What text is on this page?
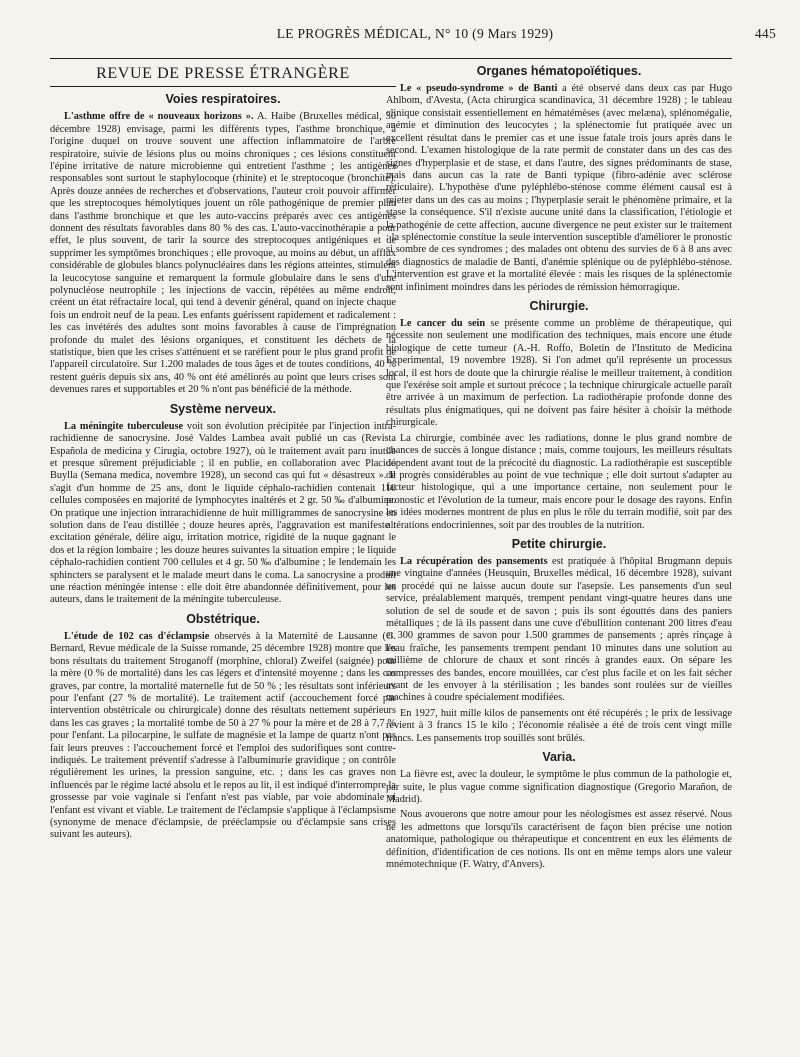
LE PROGRÈS MÉDICAL, N° 10 (9 Mars 1929)	445
REVUE DE PRESSE ÉTRANGÈRE
Voies respiratoires.

L'asthme offre de « nouveaux horizons ». A. Haibe (Bruxelles médical, 30 décembre 1928) envisage, parmi les différents types, l'asthme bronchique, à l'origine duquel on trouve souvent une affection inflammatoire de l'arbre respiratoire, suivie de lésions plus ou moins chroniques ; ces lésions constituent l'épine irritative de nature microbienne qui entretient l'asthme ; les antigènes responsables sont surtout le staphylocoque (rhinite) et le streptocoque (bronchite). Après douze années de recherches et d'observations, l'auteur croit pouvoir affirmer que les streptocoques hémolytiques jouent un rôle pathogénique de premier plan dans l'asthme bronchique et que les auto-vaccins préparés avec ces antigènes donnent des résultats favorables dans 80 % des cas. L'auto-vaccinothérapie a pour effet, le plus souvent, de tarir la source des streptocoques antigéniques et de supprimer les symptômes bronchiques ; elle provoque, au moins au début, un afflux considérable de globules blancs polynucléaires dans les régions atteintes, stimulent la leucocytose sanguine et remarquent la formule globulaire dans le sens d'une polynucléose neutrophile ; les injections de vaccin, répétées au même endroit, créent un état réfractaire local, qui tend à devenir général, quand on injecte chaque fois un endroit neuf de la peau. Les enfants guérissent rapidement et radicalement : les cas invétérés des adultes sont moins favorables à cause de l'imprégnation profonde du malet des lésions organiques, et constituent les déchets de la statistique, bien que les crises s'atténuent et se raréfient pour le plus grand profit de l'appareil circulatoire. Sur 1.200 malades de tous âges et de toutes conditions, 40 % restent guéris depuis six ans, 40 % ont été améliorés au point que leurs crises sont devenues rares et supportables et 20 % n'ont pas bénéficié de la méthode.

Système nerveux.

La méningite tuberculeuse voit son évolution précipitée par l'injection intra-rachidienne de sanocrysine. José Valdes Lambea avait publié un cas (Revista Española de medicina y Cirugia, octobre 1927), où le traitement avait paru inutile et presque sûrement préjudiciable ; il en publie, en collaboration avec Placido Buylla (Semana medica, novembre 1928), un second cas qui fut « désastreux ». Il s'agit d'un homme de 25 ans, dont le liquide céphalo-rachidien contenait 110 cellules composées en majorité de lymphocytes inaltérés et 2 gr. 50 ‰ d'albumine. On pratique une injection intrarachidienne de huit milligrammes de sanocrysine en solution dans de l'eau distillée ; douze heures après, l'aggravation est manifeste : excitation générale, délire aigu, irritation motrice, rigidité de la nuque gagnant le dos et la région lombaire ; les douze heures suivantes la situation empire ; le liquide céphalo-rachidien contient 700 cellules et 4 gr. 50 ‰ d'albumine ; le lendemain les sphincters se paralysent et le malade meurt dans le coma. La sanocrysine a produit une réaction méningée intense : elle doit être abandonnée définitivement, pour les auteurs, dans le traitement de la méningite tuberculeuse.

Obstétrique.

L'étude de 102 cas d'éclampsie observés à la Maternité de Lausanne (G. Bernard, Revue médicale de la Suisse romande, 25 décembre 1928) montre que les bons résultats du traitement Stroganoff (morphine, chloral) Zweifel (saignée) pour la mère (0 % de mortalité) dans les cas légers et d'intensité moyenne ; dans les cas graves, par contre, la mortalité maternelle fut de 50 % ; les résultats sont inférieurs pour l'enfant (27 % de mortalité). Le traitement actif (accouchement forcé par intervention obstétricale ou chirurgicale) donne des résultats nettement supérieurs dans les cas graves ; la mortalité tombe de 50 à 27 % pour la mère et de 28 à 7,7 % pour l'enfant. La pilocarpine, le sulfate de magnésie et la lampe de quartz n'ont pas fait leurs preuves : l'accouchement forcé et l'emploi des sudorifiques sont contre-indiqués. Le traitement préventif s'adresse à l'albuminurie gravidique ; on contrôle régulièrement les urines, la pression sanguine, etc. ; dans les cas graves non influencés par le régime lacté absolu et le repos au lit, il est indiqué d'interrompre la grossesse par voie vaginale si l'enfant n'est pas viable, par voie abdominale si l'enfant est vivant et viable. Le traitement de l'éclampsie s'applique à l'éclampsisme (synonyme de menace d'éclampsie, de prééclampsie ou d'éclampsie sans crises suivant les auteurs).

Organes hématopoïétiques.

Le « pseudo-syndrome » de Banti a été observé dans deux cas par Hugo Ahlbom, d'Avesta, (Acta chirurgica scandinavica, 31 décembre 1928) ; le tableau clinique consistait essentiellement en hématémèses (avec melæna), splénomégalie, anémie et diminution des leucocytes ; la splénectomie fut pratiquée avec un excellent résultat dans le premier cas et une issue fatale trois jours après dans le second. L'examen histologique de la rate permit de constater dans un des cas des signes d'hyperplasie et de stase, et dans l'autre, des signes prédominants de stase, mais dans aucun cas la rate de Banti typique (fibro-adénie avec sclérose réticulaire). L'hypothèse d'une pyléphlébo-sténose comme élément causal est à rejeter dans un des cas au moins ; l'hyperplasie serait le phénomène primaire, et la stase la conséquence. S'il n'existe aucune unité dans la classification, l'étiologie et la pathogénie de cette affection, aucune divergence ne peut exister sur le traitement : la splénectomie constitue la seule intervention susceptible d'améliorer le pronostic si sombre de ces syndromes ; des malades ont obtenu des survies de 6 à 8 ans avec des diagnostics de maladie de Banti, d'anémie splénique ou de pyléphlébo-sténose. L'intervention est grave et la mortalité élevée : mais les risques de la splénectomie sont infiniment moindres dans les périodes de rémission hémorragique.

Chirurgie.

Le cancer du sein se présente comme un problème de thérapeutique, qui nécessite non seulement une modification des techniques, mais encore une étude biologique de cette tumeur (A.-H. Roffo, Boletin de l'Instituto de Medicina Experimental, 19 novembre 1928). Si l'on admet qu'il représente un processus local, il est hors de doute que la chirurgie réalise le meilleur traitement, à condition que l'exérèse soit ample et surtout précoce ; la technique chirurgicale actuelle paraît être arrivée à un maximum de perfection. La radiothérapie profonde donne des résultats plus énigmatiques, qui ne doivent pas faire hésiter à choisir la méthode chirurgicale.

La chirurgie, combinée avec les radiations, donne le plus grand nombre de chances de succès à longue distance ; mais, comme toujours, les meilleurs résultats dépendent avant tout de la précocité du diagnostic. La radiothérapie est susceptible de progrès considérables au point de vue technique ; elle doit surtout s'adapter au facteur histologique, qui a une importance certaine, non seulement pour le pronostic et l'évolution de la tumeur, mais encore pour le dosage des rayons. Enfin les idées modernes montrent de plus en plus le rôle du terrain modifié, soit par des altérations endocriniennes, soit par des troubles de la nutrition.

Petite chirurgie.

La récupération des pansements est pratiquée à l'hôpital Brugmann depuis une vingtaine d'années (Heusquin, Bruxelles médical, 16 décembre 1928), suivant un procédé qui ne laisse aucun doute sur l'asepsie. Les pansements d'un seul service, préalablement marqués, trempent pendant vingt-quatre heures dans une solution de sel de soude et de savon ; puis ils sont égouttés dans des paniers métalliques ; de là ils passent dans une cuve d'ébullition contenant 200 litres d'eau et 300 grammes de savon pour 1.500 grammes de pansements ; après rinçage à l'eau fraîche, les pansements trempent pendant 10 minutes dans une solution au millième de chlorure de chaux et sont rincés à grandes eaux. On sépare les compresses des bandes, encore mouillées, car c'est plus facile et on les fait sécher avant de les envoyer à la stérilisation ; les bandes sont roulées sur de vieilles machines à coudre spécialement modifiées.

En 1927, huit mille kilos de pansements ont été récupérés ; le prix de lessivage revient à 3 francs 15 le kilo ; l'économie réalisée a été de trois cent vingt mille francs. Les pansements trop souillés sont brûlés.

Varia.

La fièvre est, avec la douleur, le symptôme le plus commun de la pathologie et, par suite, le plus vague comme signification diagnostique (Gregorio Marañon, de Madrid).

Nous avouerons que notre amour pour les néologismes est assez réservé. Nous ne les admettons que lorsqu'ils caractérisent de façon bien précise une notion anatomique, pathologique ou thérapeutique et concentrent en eux les éléments de définition, d'identification de ces notions. Ils ont en même temps alors une valeur mnémotechnique (F. Watry, d'Anvers).
